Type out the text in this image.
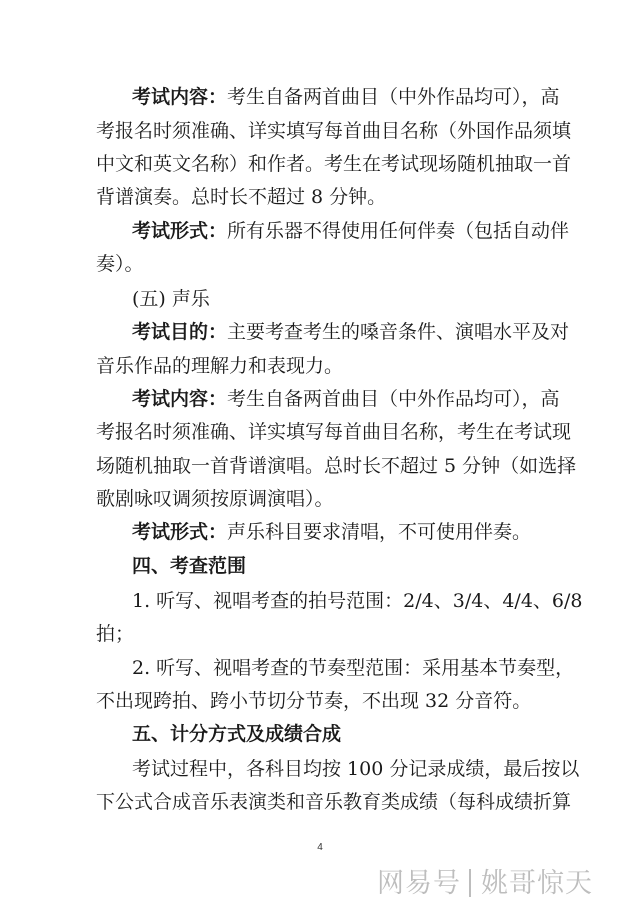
考试内容：考生自备两首曲目（中外作品均可），高
考报名时须准确、详实填写每首曲目名称（外国作品须填
中文和英文名称）和作者。考生在考试现场随机抽取一首
背谱演奏。总时长不超过 8 分钟。
考试形式：所有乐器不得使用任何伴奏（包括自动伴
奏）。
(五) 声乐
考试目的：主要考查考生的嗓音条件、演唱水平及对
音乐作品的理解力和表现力。
考试内容：考生自备两首曲目（中外作品均可），高
考报名时须准确、详实填写每首曲目名称，考生在考试现
场随机抽取一首背谱演唱。总时长不超过 5 分钟（如选择
歌剧咏叹调须按原调演唱）。
考试形式：声乐科目要求清唱，不可使用伴奏。
四、考查范围
1. 听写、视唱考查的拍号范围：2/4、3/4、4/4、6/8
拍；
2. 听写、视唱考查的节奏型范围：采用基本节奏型，
不出现跨拍、跨小节切分节奏，不出现 32 分音符。
五、计分方式及成绩合成
考试过程中，各科目均按 100 分记录成绩，最后按以
下公式合成音乐表演类和音乐教育类成绩（每科成绩折算
4
网易号 姚哥惊天
